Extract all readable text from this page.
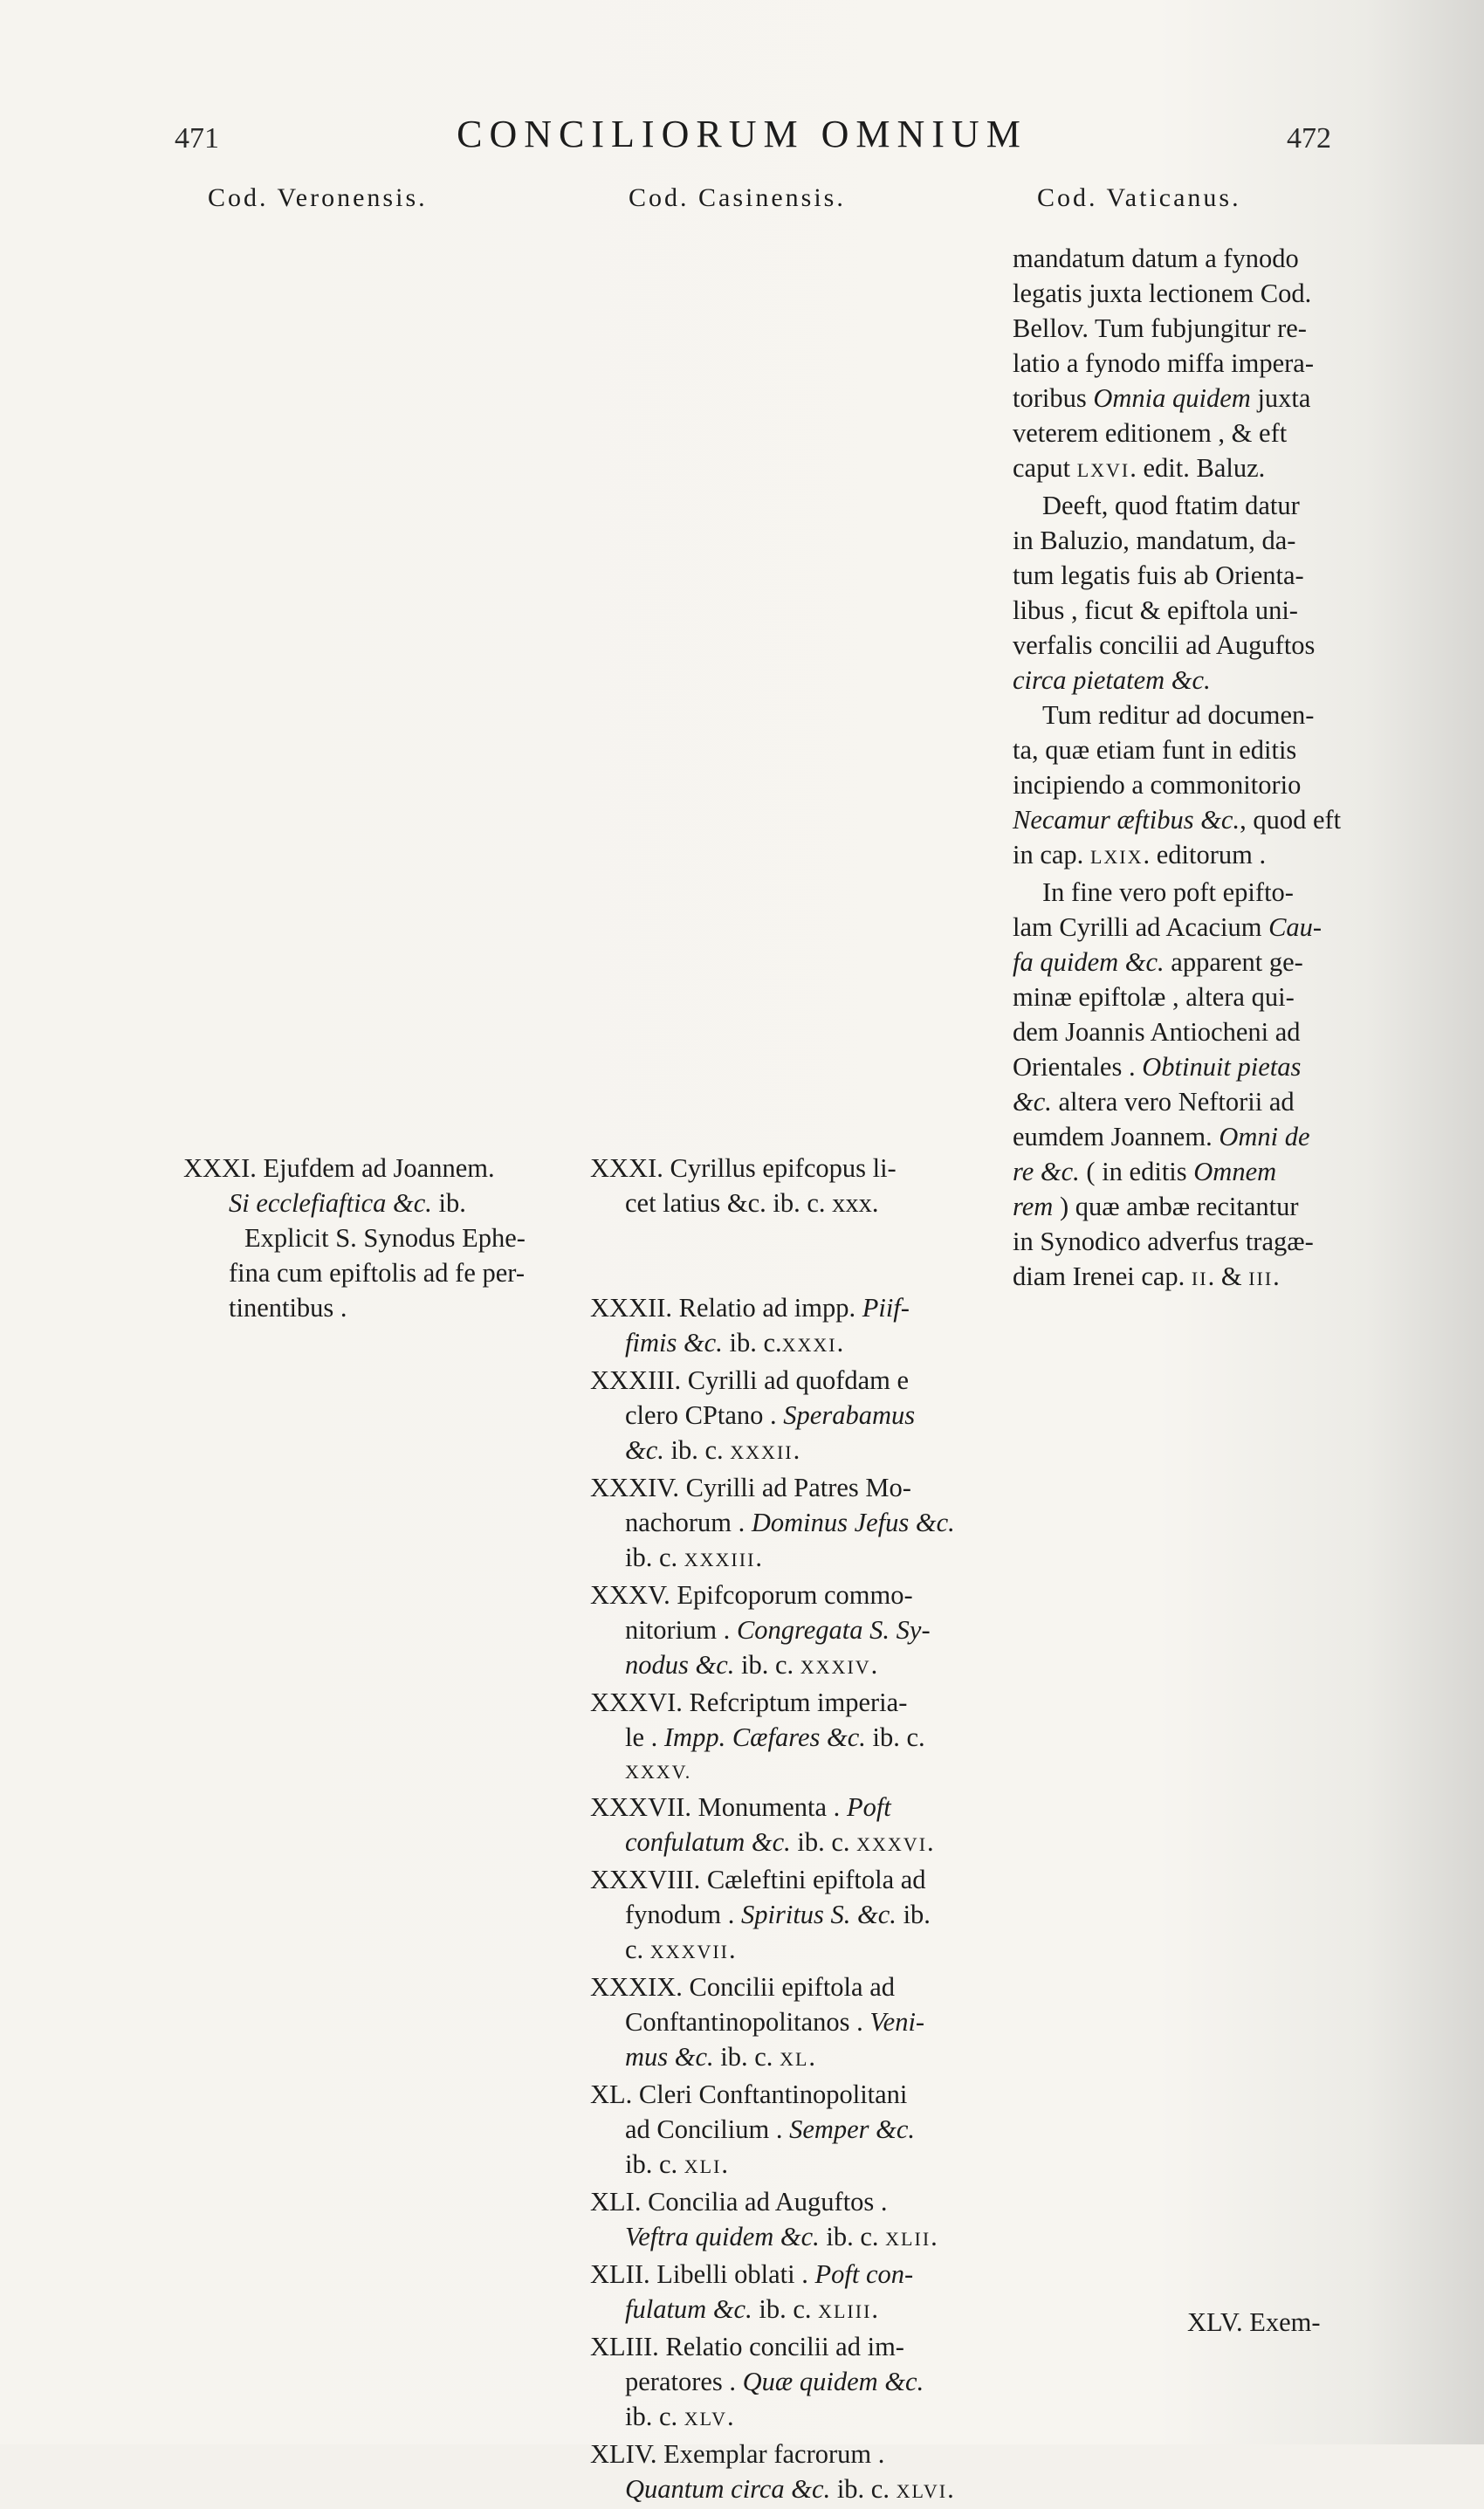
471	CONCILIORUM OMNIUM	472
Cod. Veronensis.	Cod. Casinensis.	Cod. Vaticanus.
mandatum datum a fynodo
legatis juxta lectionem Cod.
Bellov. Tum fubjungitur re-
latio a fynodo miffa impera-
toribus Omnia quidem juxta
veterem editionem , & eft
caput LXVI. edit. Baluz.
Deeft, quod ftatim datur
in Baluzio, mandatum, da-
tum legatis fuis ab Orienta-
libus , ficut & epiftola uni-
verfalis concilii ad Auguftos
circa pietatem &c.
Tum reditur ad documen-
ta, quæ etiam funt in editis
incipiendo a commonitorio
Necamur æftibus &c., quod eft
in cap. LXIX. editorum .
In fine vero poft epifto-
lam Cyrilli ad Acacium Cau-
fa quidem &c. apparent ge-
minæ epiftolæ , altera qui-
dem Joannis Antiocheni ad
Orientales . Obtinuit pietas
&c. altera vero Neftorii ad
eumdem Joannem. Omni de
re &c. ( in editis Omnem
rem ) quæ ambæ recitantur
in Synodico adverfus tragæ-
diam Irenei cap. II. & III.
XXXI. Ejufdem ad Joannem.
Si ecclefiaftica &c. ib.
Explicit S. Synodus Ephe-
fina cum epiftolis ad fe per-
tinentibus .
XXXI. Cyrillus epifcopus li-
cet latius &c. ib. c. xxx.
XXXII. Relatio ad impp. Piif-
fimis &c. ib. c.XXXI.
XXXIII. Cyrilli ad quofdam e
clero CPtano . Sperabamus
&c. ib. c. XXXII.
XXXIV. Cyrilli ad Patres Mo-
nachorum . Dominus Jefus &c.
ib. c. XXXIII.
XXXV. Epifcoporum commo-
nitorium . Congregata S. Sy-
nodus &c. ib. c. XXXIV.
XXXVI. Refcriptum imperia-
le . Impp. Cæfares &c. ib. c.
XXXV.
XXXVII. Monumenta . Poft
confulatum &c. ib. c. XXXVI.
XXXVIII. Cæleftini epiftola ad
fynodum . Spiritus S. &c. ib.
c. XXXVII.
XXXIX. Concilii epiftola ad
Conftantinopolitanos . Veni-
mus &c. ib. c. XL.
XL. Cleri Conftantinopolitani
ad Concilium . Semper &c.
ib. c. XLI.
XLI. Concilia ad Auguftos .
Veftra quidem &c. ib. c. XLII.
XLII. Libelli oblati . Poft con-
fulatum &c. ib. c. XLIII.
XLIII. Relatio concilii ad im-
peratores . Quæ quidem &c.
ib. c. XLV.
XLIV. Exemplar facrorum .
Quantum circa &c. ib. c. XLVI.
XLV. Exem-
